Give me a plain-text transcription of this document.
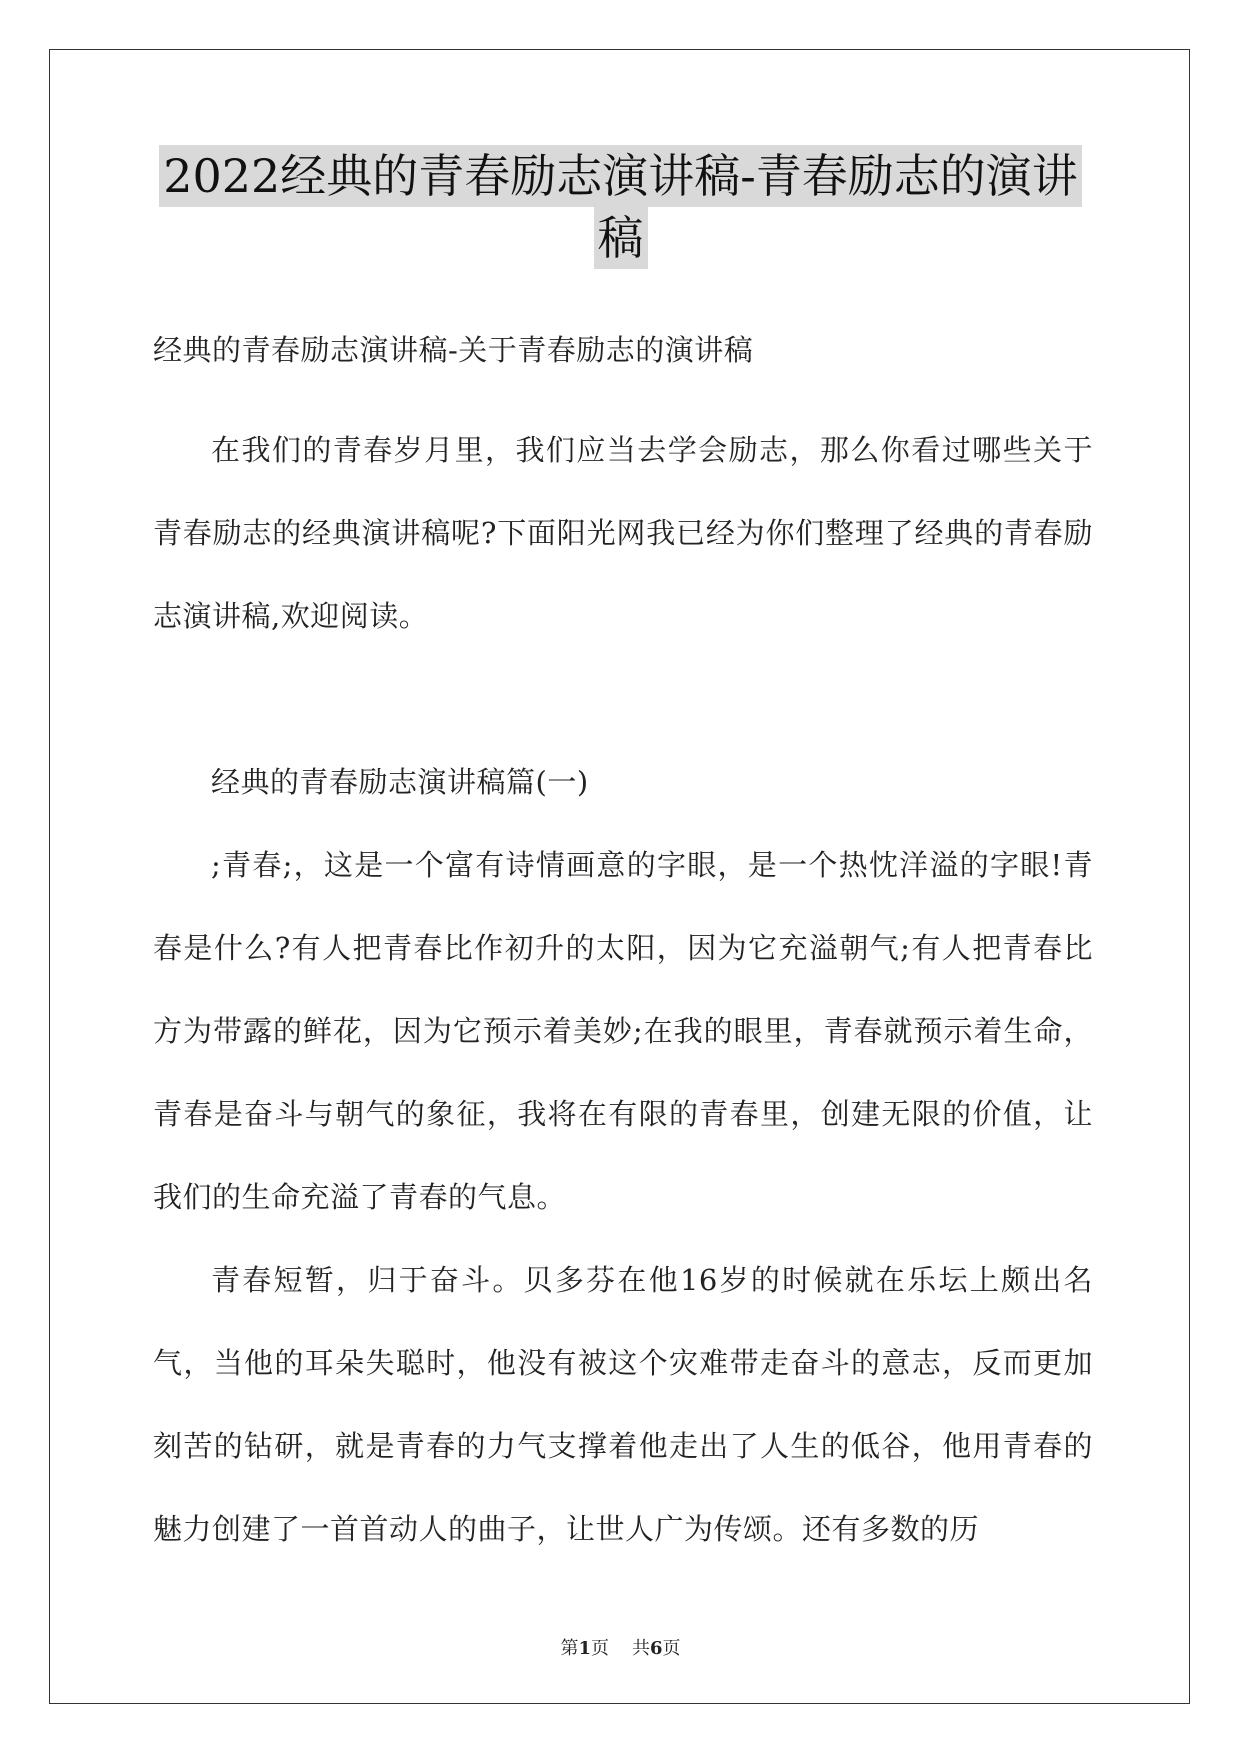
2022经典的青春励志演讲稿-青春励志的演讲
稿

经典的青春励志演讲稿-关于青春励志的演讲稿

在我们的青春岁月里，我们应当去学会励志，那么你看过哪些关于青春励志的经典演讲稿呢?下面阳光网我已经为你们整理了经典的青春励志演讲稿,欢迎阅读。

经典的青春励志演讲稿篇(一)

;青春;，这是一个富有诗情画意的字眼，是一个热忱洋溢的字眼!青春是什么?有人把青春比作初升的太阳，因为它充溢朝气;有人把青春比方为带露的鲜花，因为它预示着美妙;在我的眼里，青春就预示着生命，青春是奋斗与朝气的象征，我将在有限的青春里，创建无限的价值，让我们的生命充溢了青春的气息。

青春短暂，归于奋斗。贝多芬在他16岁的时候就在乐坛上颇出名气，当他的耳朵失聪时，他没有被这个灾难带走奋斗的意志，反而更加刻苦的钻研，就是青春的力气支撑着他走出了人生的低谷，他用青春的魅力创建了一首首动人的曲子，让世人广为传颂。还有多数的历

第1页 共6页
